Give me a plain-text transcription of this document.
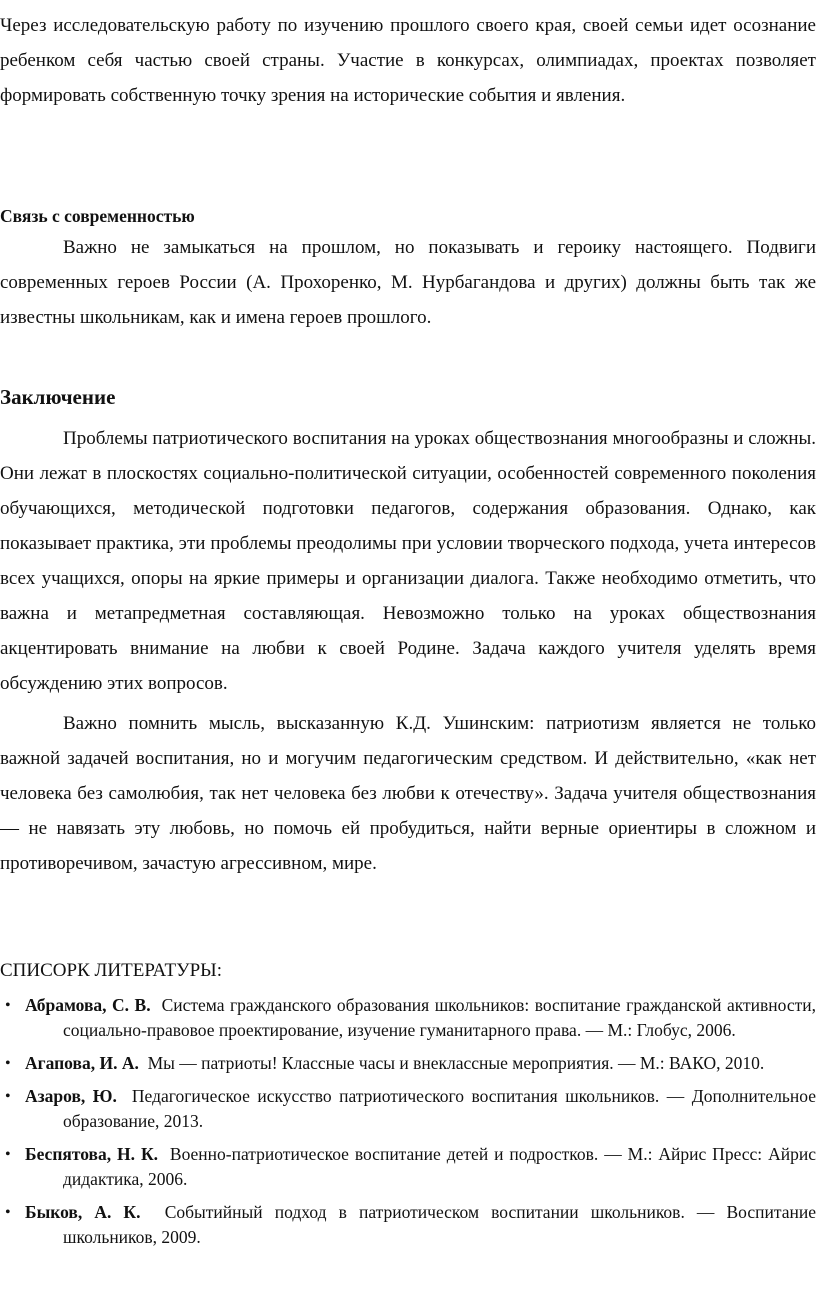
Через исследовательскую работу по изучению прошлого своего края, своей семьи идет осознание ребенком себя частью своей страны. Участие в конкурсах, олимпиадах, проектах позволяет формировать собственную точку зрения на исторические события и явления.

Связь с современностью

Важно не замыкаться на прошлом, но показывать и героику настоящего. Подвиги современных героев России (А. Прохоренко, М. Нурбагандова и других) должны быть так же известны школьникам, как и имена героев прошлого.

Заключение

Проблемы патриотического воспитания на уроках обществознания многообразны и сложны. Они лежат в плоскостях социально-политической ситуации, особенностей современного поколения обучающихся, методической подготовки педагогов, содержания образования. Однако, как показывает практика, эти проблемы преодолимы при условии творческого подхода, учета интересов всех учащихся, опоры на яркие примеры и организации диалога. Также необходимо отметить, что важна и метапредметная составляющая. Невозможно только на уроках обществознания акцентировать внимание на любви к своей Родине. Задача каждого учителя уделять время обсуждению этих вопросов.

Важно помнить мысль, высказанную К.Д. Ушинским: патриотизм является не только важной задачей воспитания, но и могучим педагогическим средством. И действительно, «как нет человека без самолюбия, так нет человека без любви к отечеству». Задача учителя обществознания — не навязать эту любовь, но помочь ей пробудиться, найти верные ориентиры в сложном и противоречивом, зачастую агрессивном, мире.

СПИСОРК ЛИТЕРАТУРЫ:
• Абрамова, С. В.  Система гражданского образования школьников: воспитание гражданской активности, социально-правовое проектирование, изучение гуманитарного права. — М.: Глобус, 2006.
• Агапова, И. А.  Мы — патриоты! Классные часы и внеклассные мероприятия. — М.: ВАКО, 2010.
• Азаров, Ю.  Педагогическое искусство патриотического воспитания школьников. — Дополнительное образование, 2013.
• Беспятова, Н. К.  Военно-патриотическое воспитание детей и подростков. — М.: Айрис Пресс: Айрис дидактика, 2006.
• Быков, А. К.  Событийный подход в патриотическом воспитании школьников. — Воспитание школьников, 2009.
